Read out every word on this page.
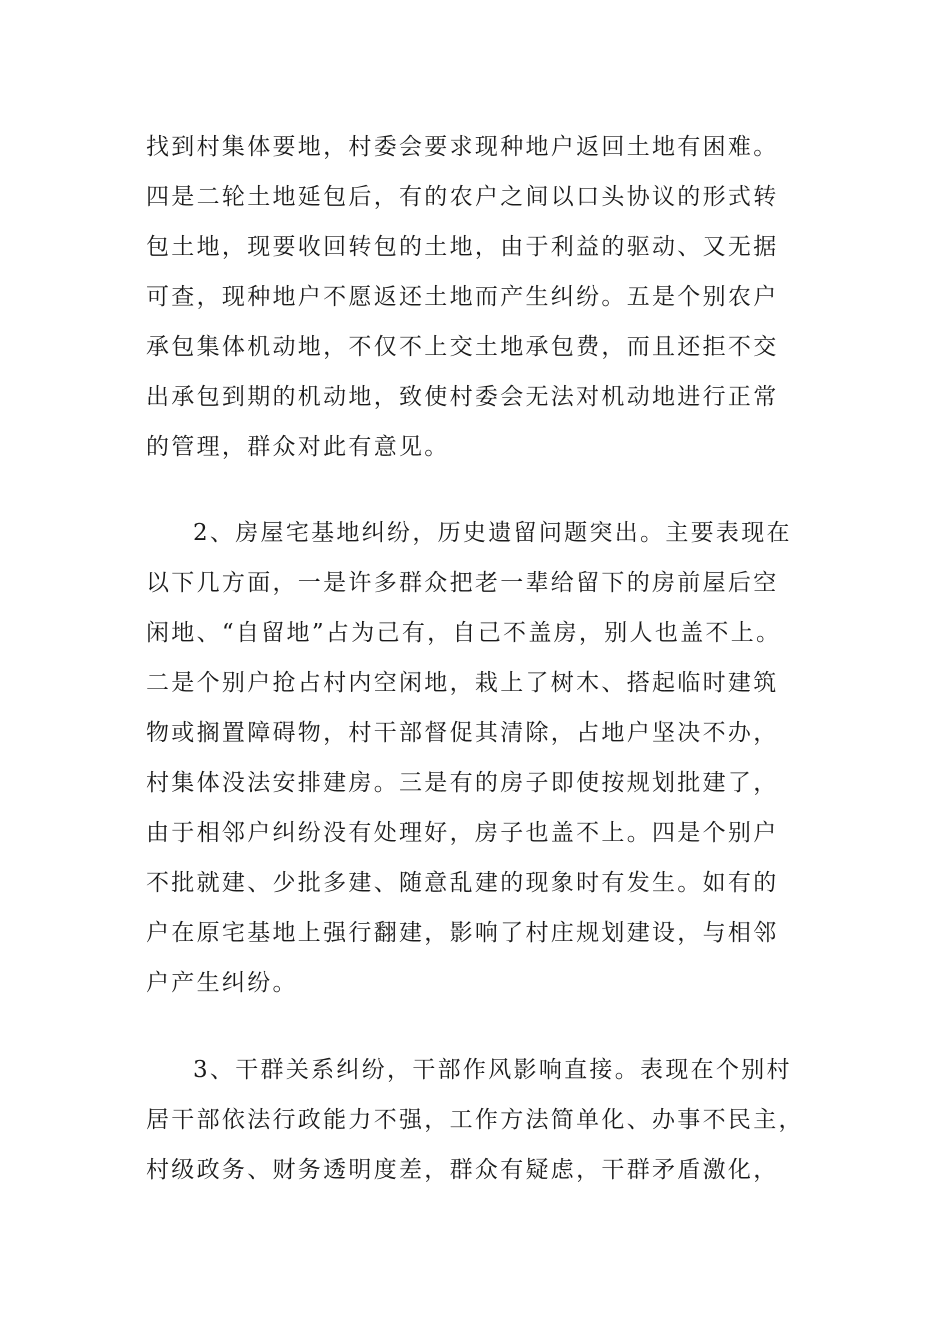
找到村集体要地，村委会要求现种地户返回土地有困难。

四是二轮土地延包后，有的农户之间以口头协议的形式转

包土地，现要收回转包的土地，由于利益的驱动、又无据

可查，现种地户不愿返还土地而产生纠纷。五是个别农户

承包集体机动地，不仅不上交土地承包费，而且还拒不交

出承包到期的机动地，致使村委会无法对机动地进行正常

的管理，群众对此有意见。

2、房屋宅基地纠纷，历史遗留问题突出。主要表现在

以下几方面，一是许多群众把老一辈给留下的房前屋后空

闲地、“自留地”占为己有，自己不盖房，别人也盖不上。

二是个别户抢占村内空闲地，栽上了树木、搭起临时建筑

物或搁置障碍物，村干部督促其清除，占地户坚决不办，

村集体没法安排建房。三是有的房子即使按规划批建了，

由于相邻户纠纷没有处理好，房子也盖不上。四是个别户

不批就建、少批多建、随意乱建的现象时有发生。如有的

户在原宅基地上强行翻建，影响了村庄规划建设，与相邻

户产生纠纷。

3、干群关系纠纷，干部作风影响直接。表现在个别村

居干部依法行政能力不强，工作方法简单化、办事不民主，

村级政务、财务透明度差，群众有疑虑，干群矛盾激化，
